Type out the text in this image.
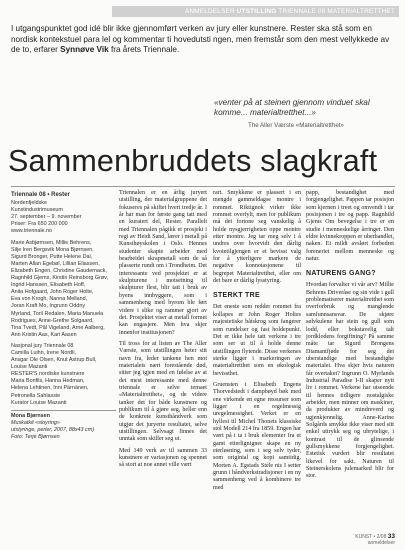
ANMELDELSER UTSTILLING TRIENNALE 08 MATERIALTRETTHET
I utgangspunktet god idé blir ikke gjennomført verken av jury eller kunstnere. Rester ska stå som en nordisk kontekstuel para lel og kommentar ti hovedutsti ngen, men fremstår som den mest vellykkede av de to, erfarer Synnøve Vik fra årets Triennale.
«venter på at steinen gjennom vinduet skal komme... materialtretthet...»
The Aller Værste «Materialtretthet»
Sammenbruddets slagkraft
Triennale 08 • Rester
Nordenfjeldske
Kunstindustrimuseum
27. september – 9. november
Priser: Fra 650 200 000
www.triennale.no
Marie Asbjørnsen, Millie Behrens,
Silje Iren Bergsvik Mona Bjørnsen,
Sigurd Bronger, Putte Helene Dal,
Marten Allan Egebøl, Lillian Eliassen,
Elizabeth Engen, Christine Gaudernack,
Ragnhild Gjems, Kirstin Reinsborg Grøv,
Ingrid Hanssen, Elisabeth Hoff,
Anita Hofgaard, John Roger Holte,
Eva von Krogh, Nanna Melland,
Joran Kraft Mo, Ingrunn Oddny
Myrland, Toril Redalen, Maria Manuela
Rodrigues, Anne-Grethe Solgaard,
Tina Tvedt, Pål Vigeland, Arne Aalberg,
Ann Kristin Aas, Kari Aasen
Nasjonal jury Triennale 08
Camilla Luihn, Irene Nordli,
Ansgar Ole Olsen, Knut Astrup Bull,
Louise Mazanti
RESTER'S nordiske kunstnere
Maria Bonfils, Hanna Hedman,
Helena Lehtinen, Inni Pärnänen,
Petronella Sahlassie
Kurator Louise Mazanti
Mona Bjørnsen
Muskatkit «sloyring»
utstyringe, perler, 2007, 88x43 cm)
Foto: Terje Bjørnsen

Triennalen er en årlig juryert utstilling, der materialgruppene det fokuseres på skiftet hvert tredje år. I år har man for første gang tatt med en kuratert del, Rester. Parallelt med Triennalen pågikk et prosjekt i regi av Heidi Sand, lærer i metall på Kunsthøyskolen i Oslo. Hennes studenter skapte arbeider med bearbeidet skrapmetall som de så plasserte rundt om i Trondheim. Det interessante ved prosjektet er at skulpturene i motsetning til skulpturer flest, blir tatt i bruk av byens innbyggere, som i sammenheng med byrom ble ført videre i slike og rammer gjort av det. Prosjektet viser at metall formet kan engasjere. Men hva skjer innenfor institusjonen?

Til tross for at listen av The Aller Værste, som utstillingen heter sitt navn fra, leder tankene hen mot materialets nært forestående død, sitter jeg igjen med en følelse av at det mest interessante med denne triennale er selve temaet «Materialtretthet», og de videre tanker det for både kunstnere og publikum til å gjøre seg, heller enn de konkrete kunsthåndverk som utgjør det juryerte resultatet, selve utstillingen. Selvsagt finnes det unntak som skiller seg ut.

Med 149 verk av til sammen 33 kunstnere er variasjonen og spennet så stort at noe annet ville vært

rart. Smykkene er plassert i en mengde gammeldagse montre i rommet. Riktignok virker ikke rommet overfylt, men for publikum må det fortone seg vanskelig å holde nysgjerrigheten oppe montre etter montre. Jeg tar meg selv i å undres over hvorvidt den dårlig kvotetilgjengen er et bevisst valg for å ytterligere markere de negative konnotasjonene til begrepet Materialtretthet, eller om det bare er dårlig lysstyring.

STERKT TRE

Det eneste som redder rommet fra kollapes er John Roger Holtes majestetiske båtskrog som fangerer som rundelser og fast holdepunkt. Det er ikke hele tatt verkene i tre som ser ut til å holde denne utstillingen flytende. Disse verkenes sterke ligger i markeringen av materialtretthet som en økologisk bevissthet.

Gruensten i Elisabeth Engens Thorvedstedt i dampbøyd bøk med ene virkende en egne ressurser som ligger i en regelmessig uregelmessighet. Verket er en hyllest til Michel Thonets klassiske stol Modell 214 fra 1859. Engen har vært på i ta i bruk elementer fra et gamt etterlignigner skape en ny eterløsning, som i seg selv tyder, som originial og kopi samtidig. Morten A. Egstads Stéle nis I setter grunn i håndverkstradisjoner i en ny sammenheng ved å kombinere tre med

papp, bestandighet med forgjengelighet. Pappen tar posisjon som kjernen i treet og omvendt i tar posisjonen i tre og papp. Ragnhild Gjems Om bevegelse i tre er en studie i menneskelige årringer. Den eldre kvinnekroppen er uberhandlet, naken. Et mildt avslørt forbedret foreneriet mellom menneske og natur.

NATURENS GANG?

Hvordan forvalter vi vår arv? Millie Behrens Driveråse og sin vide i gull problematiserer materialtretthet som overforbruk og manglende samfunnsansvar. De skjøre sølvkulene har stein og gull som lodd, eller bokstavelig talt jordklodens forgiftning? På samme måte tar Sigurd Brongens Diamantfjøde for seg det uberstandige med bestandighe materialet. Hva skjer hvis naturen får overtaket? Ingrunn O. Myrlands Industrial Paradise I-II skaper nytt liv i rommet. Verkene har utseende til hennes tidligere nostalgiske arbeider, men minner om maskiner, da produkter av mindreverd og ugjenkjennelig. Anne-Karine Solgårds smykke ikke viser med sitt enkel uttrykk seg og ubrytelige, i kontrast til de glinsende gullsmykkene forgjengelighet. Estetisk vurdert blir resultatet likevel for sakt. Naturen til Steinerskolens julemarked blir for stor.

KUNST • 2/08 33
anmeldelser
